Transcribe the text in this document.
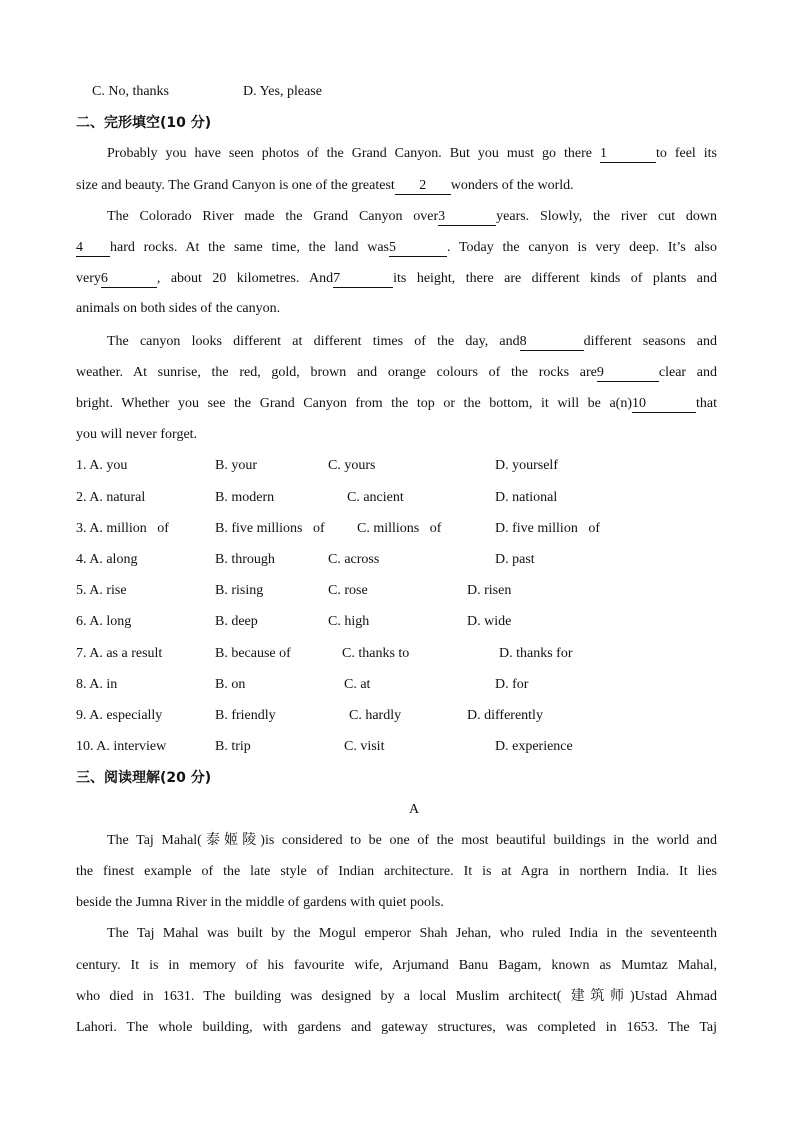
C. No, thanks	D. Yes, please
二、完形填空(10 分)
Probably you have seen photos of the Grand Canyon. But you must go there 1	to feel its
size and beauty. The Grand Canyon is one of the greatest 2 wonders of the world.
The Colorado River made the Grand Canyon over3	years. Slowly, the river cut down
4 hard rocks. At the same time, the land was5	. Today the canyon is very deep. It’s also
very6	, about 20 kilometres. And7	its height, there are different kinds of plants and
animals on both sides of the canyon.
The canyon looks different at different times of the day, and8	different seasons and
weather. At sunrise, the red, gold, brown and orange colours of the rocks are9	clear and
bright. Whether you see the Grand Canyon from the top or the bottom, it will be a(n)10	that
you will never forget.
1. A. you	B. your	C. yours	D. yourself
2. A. natural	B. modern	C. ancient	D. national
3. A. million   of	B. five millions   of C. millions   of	D. five million   of
4. A. along	B. through	C. across	D. past
5. A. rise	B. rising	C. rose	D. risen
6. A. long	B. deep	C. high	D. wide
7. A. as a result	B. because of	C. thanks to	D. thanks for
8. A. in	B. on	C. at	D. for
9. A. especially	B. friendly	C. hardly	D. differently
10. A. interview	B. trip	C. visit	D. experience
三、阅读理解(20 分)
A
The Taj Mahal(泰姬陵)is considered to be one of the most beautiful buildings in the world and
the finest example of the late style of Indian architecture. It is at Agra in northern India. It lies
beside the Jumna River in the middle of gardens with quiet pools.
The Taj Mahal was built by the Mogul emperor Shah Jehan, who ruled India in the seventeenth
century. It is in memory of his favourite wife, Arjumand Banu Bagam, known as Mumtaz Mahal,
who died in 1631. The building was designed by a local Muslim architect( 建筑师)Ustad Ahmad
Lahori. The whole building, with gardens and gateway structures, was completed in 1653. The Taj
